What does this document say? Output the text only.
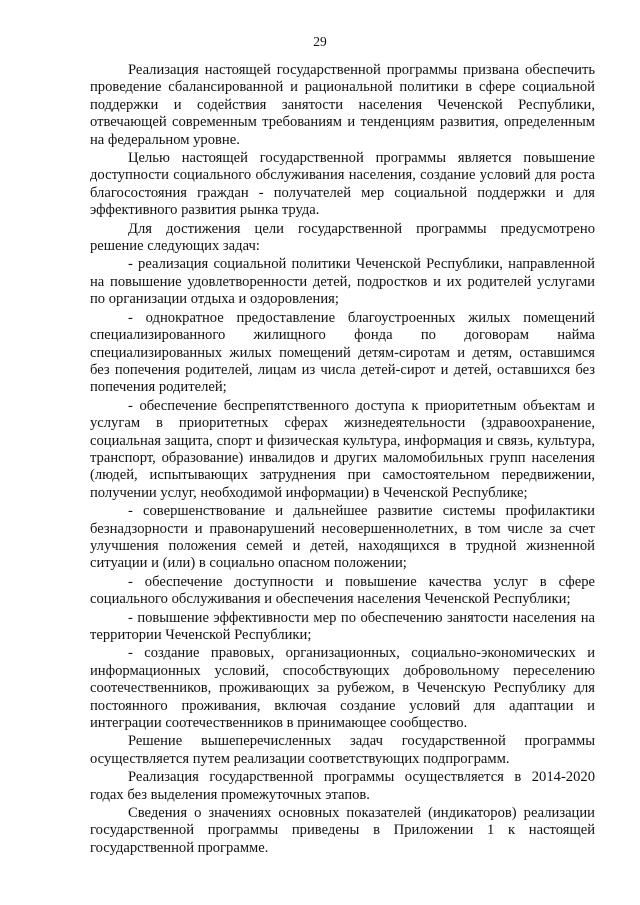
29

Реализация настоящей государственной программы призвана обеспечить проведение сбалансированной и рациональной политики в сфере социальной поддержки и содействия занятости населения Чеченской Республики, отвечающей современным требованиям и тенденциям развития, определенным на федеральном уровне.

Целью настоящей государственной программы является повышение доступности социального обслуживания населения, создание условий для роста благосостояния граждан - получателей мер социальной поддержки и для эффективного развития рынка труда.

Для достижения цели государственной программы предусмотрено решение следующих задач:

- реализация социальной политики Чеченской Республики, направленной на повышение удовлетворенности детей, подростков и их родителей услугами по организации отдыха и оздоровления;

- однократное предоставление благоустроенных жилых помещений специализированного жилищного фонда по договорам найма специализированных жилых помещений детям-сиротам и детям, оставшимся без попечения родителей, лицам из числа детей-сирот и детей, оставшихся без попечения родителей;

- обеспечение беспрепятственного доступа к приоритетным объектам и услугам в приоритетных сферах жизнедеятельности (здравоохранение, социальная защита, спорт и физическая культура, информация и связь, культура, транспорт, образование) инвалидов и других маломобильных групп населения (людей, испытывающих затруднения при самостоятельном передвижении, получении услуг, необходимой информации) в Чеченской Республике;

- совершенствование и дальнейшее развитие системы профилактики безнадзорности и правонарушений несовершеннолетних, в том числе за счет улучшения положения семей и детей, находящихся в трудной жизненной ситуации и (или) в социально опасном положении;

- обеспечение доступности и повышение качества услуг в сфере социального обслуживания и обеспечения населения Чеченской Республики;

- повышение эффективности мер по обеспечению занятости населения на территории Чеченской Республики;

- создание правовых, организационных, социально-экономических и информационных условий, способствующих добровольному переселению соотечественников, проживающих за рубежом, в Чеченскую Республику для постоянного проживания, включая создание условий для адаптации и интеграции соотечественников в принимающее сообщество.

Решение вышеперечисленных задач государственной программы осуществляется путем реализации соответствующих подпрограмм.

Реализация государственной программы осуществляется в 2014-2020 годах без выделения промежуточных этапов.

Сведения о значениях основных показателей (индикаторов) реализации государственной программы приведены в Приложении 1 к настоящей государственной программе.
